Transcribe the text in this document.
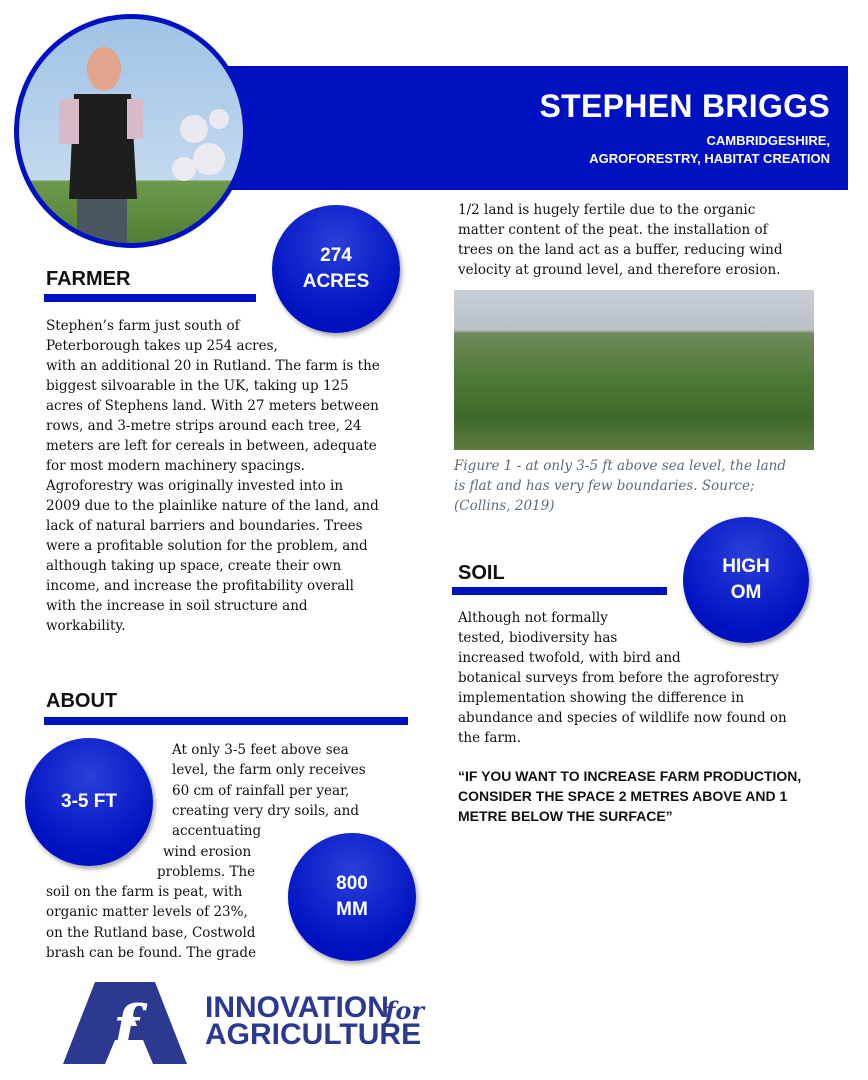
STEPHEN BRIGGS
CAMBRIDGESHIRE,
AGROFORESTRY, HABITAT CREATION
274
ACRES
FARMER
Stephen’s farm just south of
Peterborough takes up 254 acres,
with an additional 20 in Rutland. The farm is the
biggest silvoarable in the UK, taking up 125
acres of Stephens land. With 27 meters between
rows, and 3-metre strips around each tree, 24
meters are left for cereals in between, adequate
for most modern machinery spacings.
Agroforestry was originally invested into in
2009 due to the plainlike nature of the land, and
lack of natural barriers and boundaries. Trees
were a profitable solution for the problem, and
although taking up space, create their own
income, and increase the profitability overall
with the increase in soil structure and
workability.
ABOUT
3-5 FT
800
MM
At only 3-5 feet above sea
level, the farm only receives
60 cm of rainfall per year,
creating very dry soils, and
accentuating
wind erosion
problems. The
soil on the farm is peat, with
organic matter levels of 23%,
on the Rutland base, Costwold
brash can be found. The grade
1/2 land is hugely fertile due to the organic
matter content of the peat. the installation of
trees on the land act as a buffer, reducing wind
velocity at ground level, and therefore erosion.
Figure 1 - at only 3-5 ft above sea level, the land
is flat and has very few boundaries. Source;
(Collins, 2019)
SOIL	HIGH
OM
Although not formally
tested, biodiversity has
increased twofold, with bird and
botanical surveys from before the agroforestry
implementation showing the difference in
abundance and species of wildlife now found on
the farm.
“IF YOU WANT TO INCREASE FARM PRODUCTION,
CONSIDER THE SPACE 2 METRES ABOVE AND 1
METRE BELOW THE SURFACE”
f	INNOVATION
for
AGRICULTURE
